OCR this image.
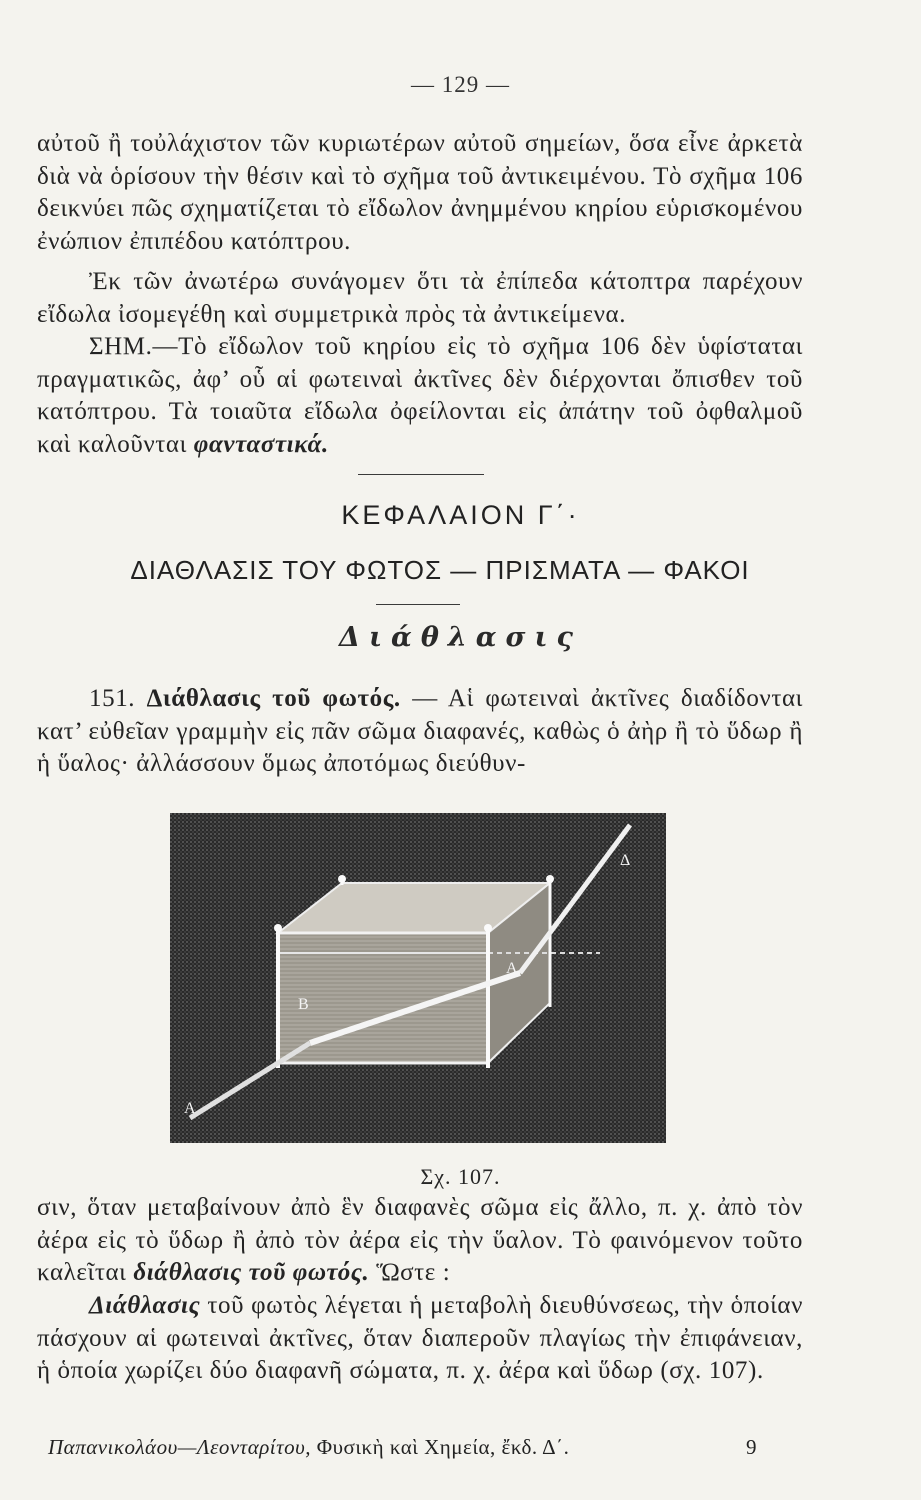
— 129 —

αὐτοῦ ἢ τοὐλάχιστον τῶν κυριωτέρων αὐτοῦ σημείων, ὅσα εἶνε ἀρκετὰ διὰ νὰ ὁρίσουν τὴν θέσιν καὶ τὸ σχῆμα τοῦ ἀντικειμένου. Τὸ σχῆμα 106 δεικνύει πῶς σχηματίζεται τὸ εἴδωλον ἀνημμένου κηρίου εὑρισκομένου ἐνώπιον ἐπιπέδου κατόπτρου.

Ἐκ τῶν ἀνωτέρω συνάγομεν ὅτι τὰ ἐπίπεδα κάτοπτρα παρέχουν εἴδωλα ἰσομεγέθη καὶ συμμετρικὰ πρὸς τὰ ἀντικείμενα.

ΣΗΜ.—Τὸ εἴδωλον τοῦ κηρίου εἰς τὸ σχῆμα 106 δὲν ὑφίσταται πραγματικῶς, ἀφ’ οὗ αἱ φωτειναὶ ἀκτῖνες δὲν διέρχονται ὄπισθεν τοῦ κατόπτρου. Τὰ τοιαῦτα εἴδωλα ὀφείλονται εἰς ἀπάτην τοῦ ὀφθαλμοῦ καὶ καλοῦνται φανταστικά.

ΚΕΦΑΛΑΙΟΝ Γ΄·
ΔΙΑΘΛΑΣΙΣ ΤΟΥ ΦΩΤΟΣ — ΠΡΙΣΜΑΤΑ — ΦΑΚΟΙ
Διάθλασις

151. Διάθλασις τοῦ φωτός. — Αἱ φωτειναὶ ἀκτῖνες διαδίδονται κατ’ εὐθεῖαν γραμμὴν εἰς πᾶν σῶμα διαφανές, καθὼς ὁ ἀὴρ ἢ τὸ ὕδωρ ἢ ἡ ὕαλος· ἀλλάσσουν ὅμως ἀποτόμως διεύθυν-

Δ
Α
Β
Α
Σχ. 107.

σιν, ὅταν μεταβαίνουν ἀπὸ ἓν διαφανὲς σῶμα εἰς ἄλλο, π. χ. ἀπὸ τὸν ἀέρα εἰς τὸ ὕδωρ ἢ ἀπὸ τὸν ἀέρα εἰς τὴν ὕαλον. Τὸ φαινόμενον τοῦτο καλεῖται διάθλασις τοῦ φωτός. Ὥστε :

Διάθλασις τοῦ φωτὸς λέγεται ἡ μεταβολὴ διευθύνσεως, τὴν ὁποίαν πάσχουν αἱ φωτειναὶ ἀκτῖνες, ὅταν διαπεροῦν πλαγίως τὴν ἐπιφάνειαν, ἡ ὁποία χωρίζει δύο διαφανῆ σώματα, π. χ. ἀέρα καὶ ὕδωρ (σχ. 107).

Παπανικολάου—Λεονταρίτου, Φυσικὴ καὶ Χημεία, ἔκδ. Δ΄.	9
